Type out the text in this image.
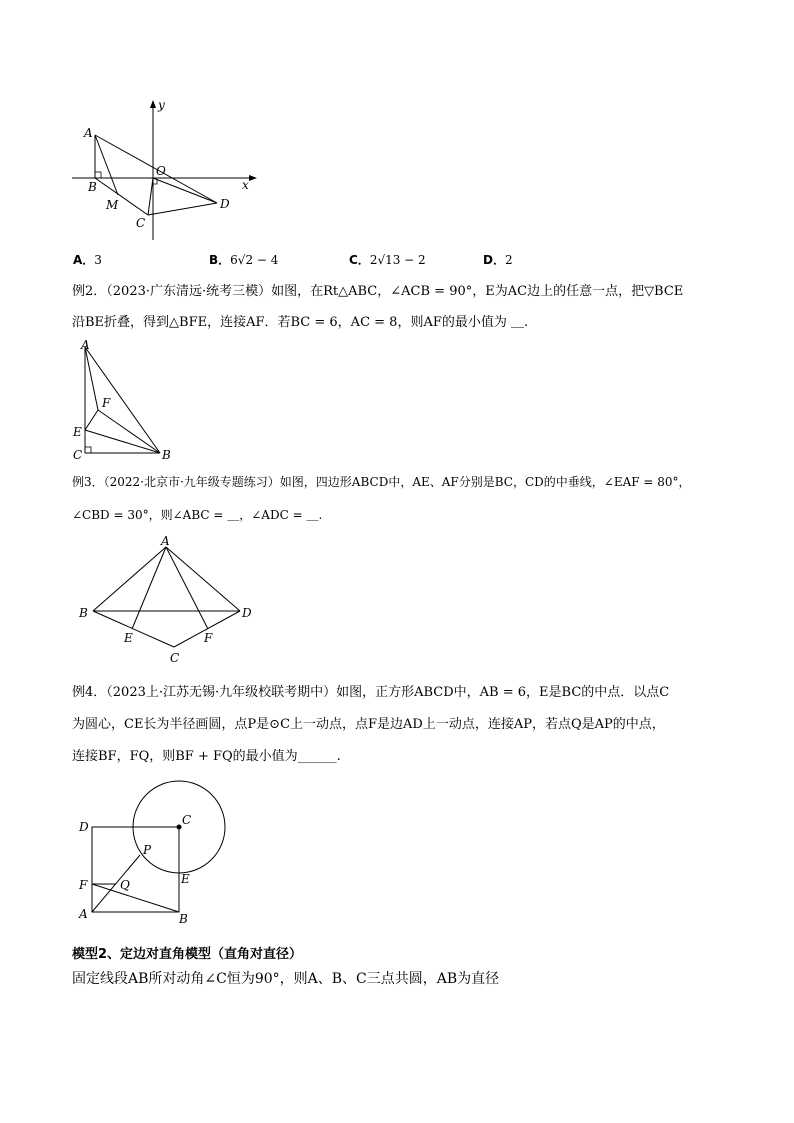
A
B
M
C
O
D
x
y
A．3	B．6√2 − 4	C．2√13 − 2	D．2
例2．（2023·广东清远·统考三模）如图，在Rt△ABC，∠ACB = 90°，E为AC边上的任意一点，把▽BCE
沿BE折叠，得到△BFE，连接AF．若BC = 6，AC = 8，则AF的最小值为 ＿.
A
F
E
C	B
例3．（2022·北京市·九年级专题练习）如图，四边形ABCD中，AE、AF分别是BC，CD的中垂线，∠EAF = 80°，
∠CBD = 30°，则∠ABC = ＿，∠ADC = ＿.
A
B	D
E	F
C
例4．（2023上·江苏无锡·九年级校联考期中）如图，正方形ABCD中，AB = 6，E是BC的中点．以点C
为圆心，CE长为半径画圆，点P是⊙C上一动点，点F是边AD上一动点，连接AP，若点Q是AP的中点，
连接BF，FQ，则BF + FQ的最小值为______.
D	C
P
E
F	Q
A	B
模型2、定边对直角模型（直角对直径）
固定线段AB所对动角∠C恒为90°，则A、B、C三点共圆，AB为直径
